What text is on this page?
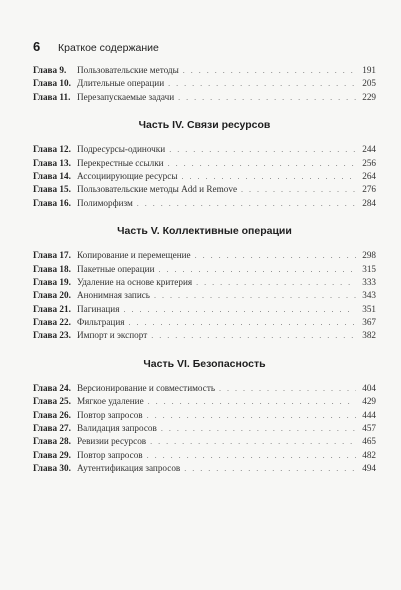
6	Краткое содержание
Глава 9.	Пользовательские методы . . .	191
Глава 10. Длительные операции . . .	205
Глава 11. Перезапускаемые задачи . . .	229
Часть IV. Связи ресурсов
Глава 12. Подресурсы-одиночки . . .	244
Глава 13. Перекрестные ссылки . . .	256
Глава 14. Ассоциирующие ресурсы . . .	264
Глава 15. Пользовательские методы Add и Remove . . .	276
Глава 16. Полиморфизм . . .	284
Часть V. Коллективные операции
Глава 17. Копирование и перемещение . . .	298
Глава 18. Пакетные операции . . .	315
Глава 19. Удаление на основе критерия . . .	333
Глава 20. Анонимная запись . . .	343
Глава 21. Пагинация . . .	351
Глава 22. Фильтрация . . .	367
Глава 23. Импорт и экспорт . . .	382
Часть VI. Безопасность
Глава 24. Версионирование и совместимость . . .	404
Глава 25. Мягкое удаление . . .	429
Глава 26. Повтор запросов . . .	444
Глава 27. Валидация запросов . . .	457
Глава 28. Ревизии ресурсов . . .	465
Глава 29. Повтор запросов . . .	482
Глава 30. Аутентификация запросов . . .	494
